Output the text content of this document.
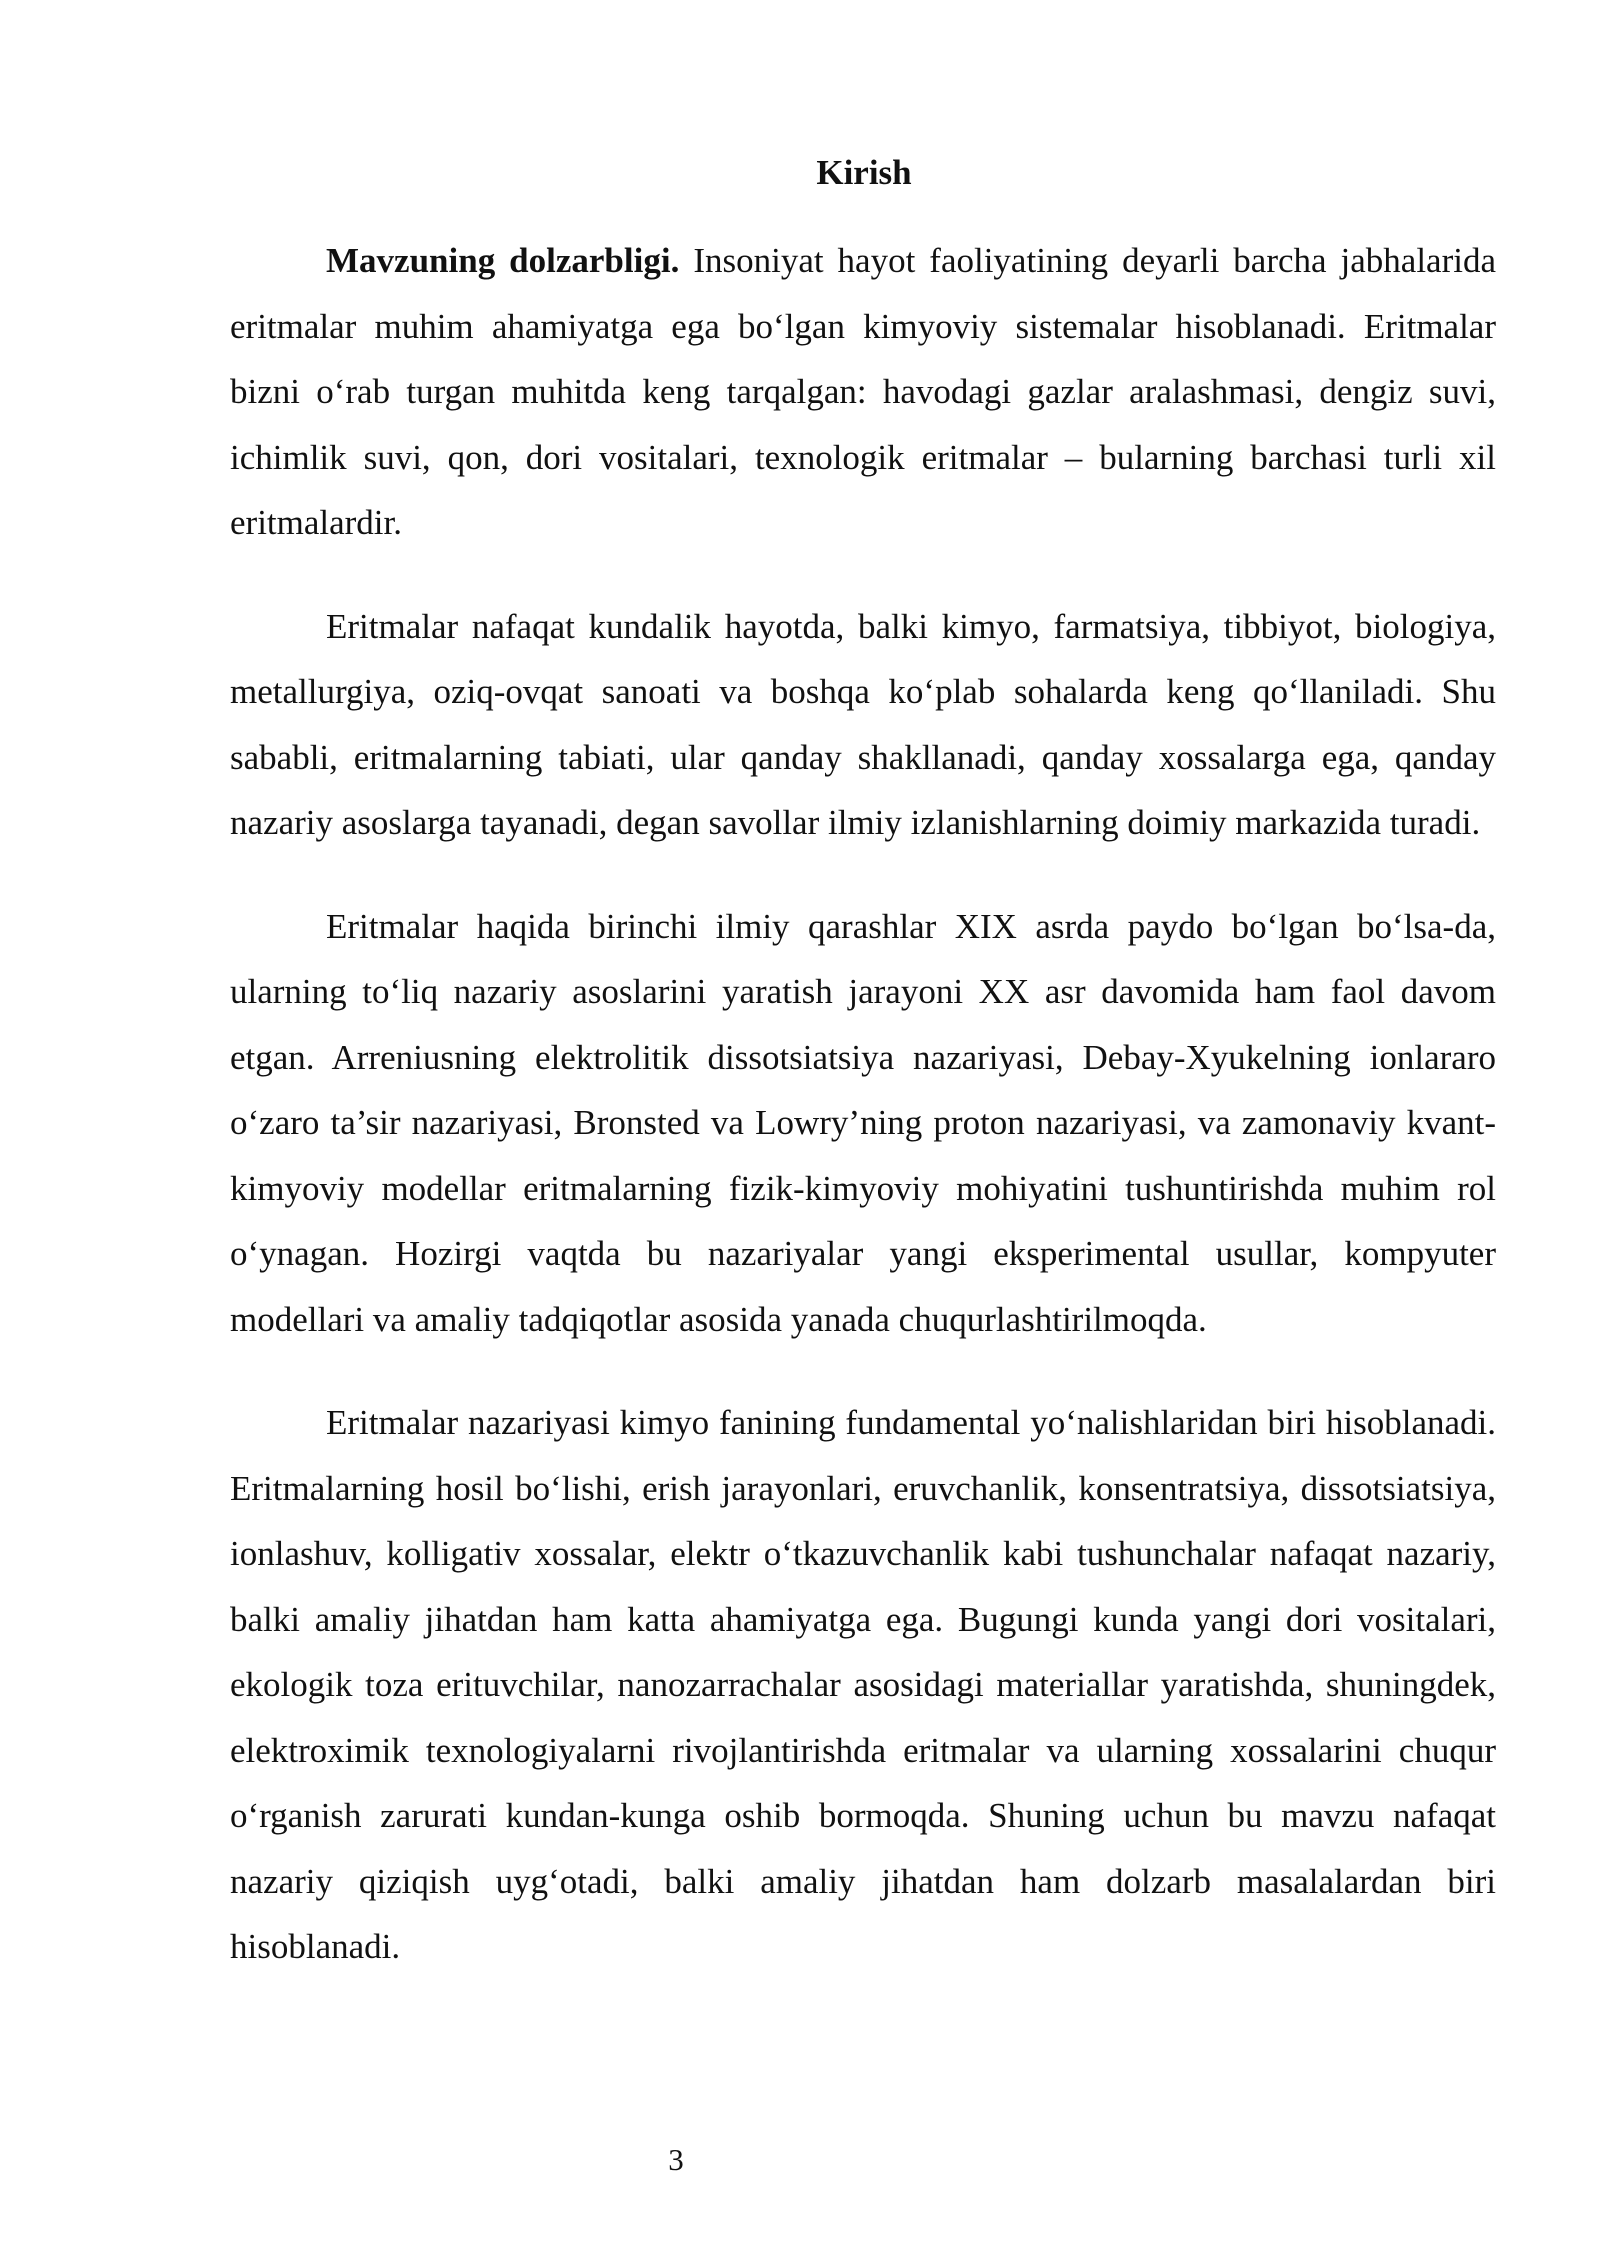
Kirish

Mavzuning dolzarbligi. Insoniyat hayot faoliyatining deyarli barcha jabhalarida eritmalar muhim ahamiyatga ega bo‘lgan kimyoviy sistemalar hisoblanadi. Eritmalar bizni o‘rab turgan muhitda keng tarqalgan: havodagi gazlar aralashmasi, dengiz suvi, ichimlik suvi, qon, dori vositalari, texnologik eritmalar – bularning barchasi turli xil eritmalardir.

Eritmalar nafaqat kundalik hayotda, balki kimyo, farmatsiya, tibbiyot, biologiya, metallurgiya, oziq-ovqat sanoati va boshqa ko‘plab sohalarda keng qo‘llaniladi. Shu sababli, eritmalarning tabiati, ular qanday shakllanadi, qanday xossalarga ega, qanday nazariy asoslarga tayanadi, degan savollar ilmiy izlanishlarning doimiy markazida turadi.

Eritmalar haqida birinchi ilmiy qarashlar XIX asrda paydo bo‘lgan bo‘lsa-da, ularning to‘liq nazariy asoslarini yaratish jarayoni XX asr davomida ham faol davom etgan. Arreniusning elektrolitik dissotsiatsiya nazariyasi, Debay-Xyukelning ionlararo o‘zaro ta’sir nazariyasi, Bronsted va Lowry’ning proton nazariyasi, va zamonaviy kvant-kimyoviy modellar eritmalarning fizik-kimyoviy mohiyatini tushuntirishda muhim rol o‘ynagan. Hozirgi vaqtda bu nazariyalar yangi eksperimental usullar, kompyuter modellari va amaliy tadqiqotlar asosida yanada chuqurlashtirilmoqda.

Eritmalar nazariyasi kimyo fanining fundamental yo‘nalishlaridan biri hisoblanadi. Eritmalarning hosil bo‘lishi, erish jarayonlari, eruvchanlik, konsentratsiya, dissotsiatsiya, ionlashuv, kolligativ xossalar, elektr o‘tkazuvchanlik kabi tushunchalar nafaqat nazariy, balki amaliy jihatdan ham katta ahamiyatga ega. Bugungi kunda yangi dori vositalari, ekologik toza erituvchilar, nanozarrachalar asosidagi materiallar yaratishda, shuningdek, elektroximik texnologiyalarni rivojlantirishda eritmalar va ularning xossalarini chuqur o‘rganish zarurati kundan-kunga oshib bormoqda. Shuning uchun bu mavzu nafaqat nazariy qiziqish uyg‘otadi, balki amaliy jihatdan ham dolzarb masalalardan biri hisoblanadi.

3
